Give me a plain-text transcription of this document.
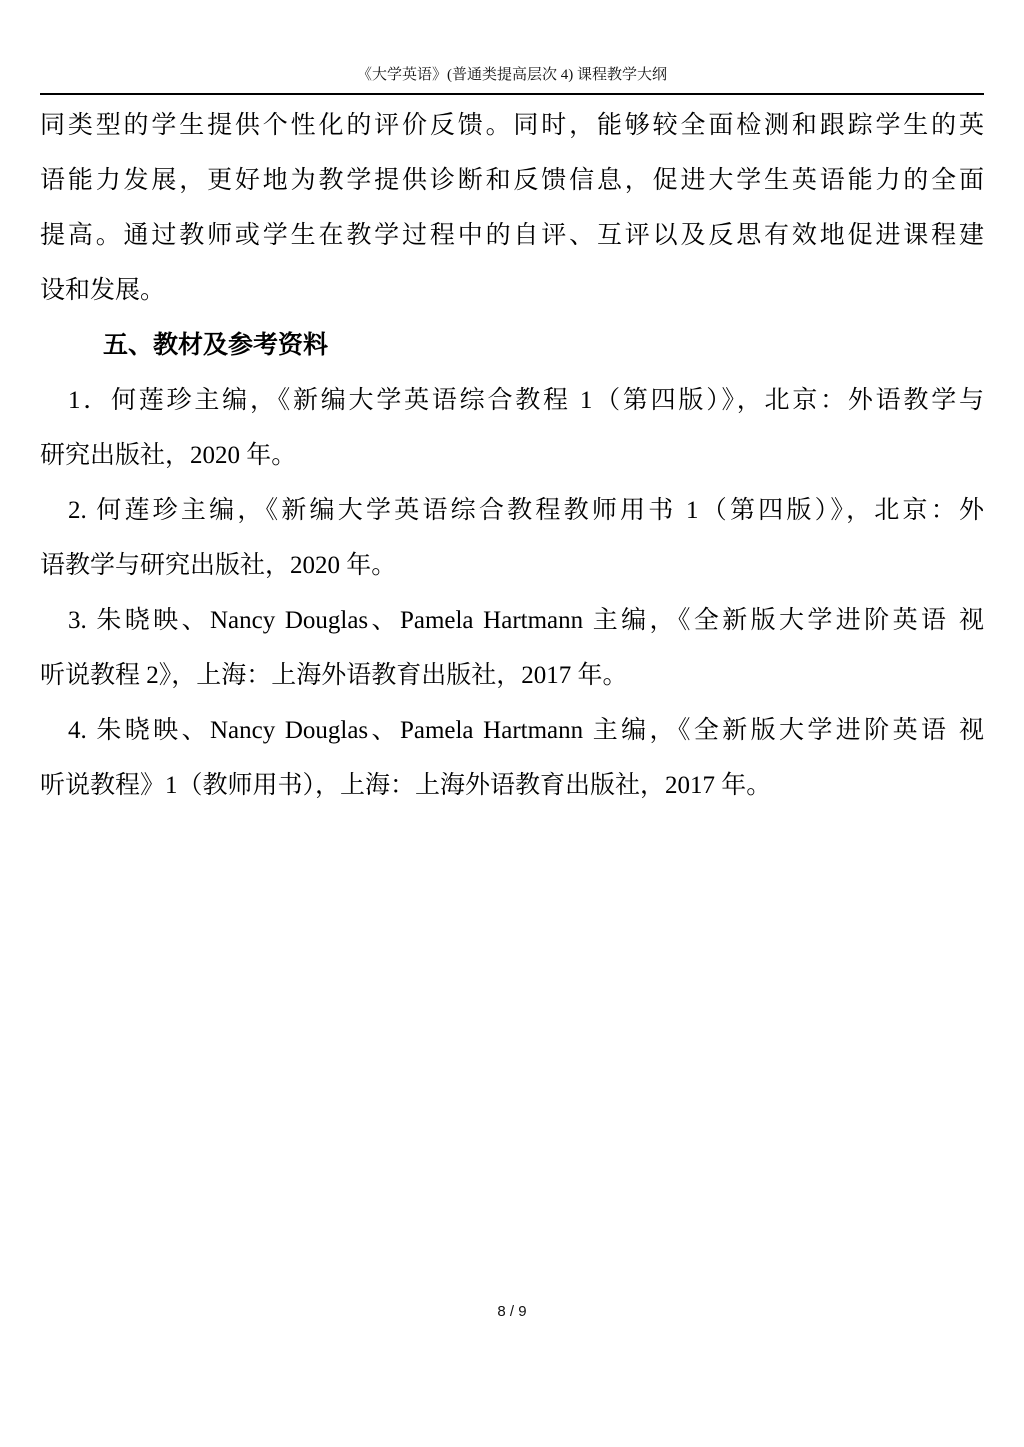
《大学英语》(普通类提高层次 4) 课程教学大纲
同类型的学生提供个性化的评价反馈。同时，能够较全面检测和跟踪学生的英
语能力发展，更好地为教学提供诊断和反馈信息，促进大学生英语能力的全面
提高。通过教师或学生在教学过程中的自评、互评以及反思有效地促进课程建
设和发展。
五、教材及参考资料
1．何莲珍主编，《新编大学英语综合教程 1（第四版）》，北京：外语教学与
研究出版社，2020 年。
2. 何莲珍主编，《新编大学英语综合教程教师用书 1（第四版）》，北京：外
语教学与研究出版社，2020 年。
3. 朱晓映、Nancy Douglas、Pamela Hartmann 主编，《全新版大学进阶英语 视
听说教程 2》，上海：上海外语教育出版社，2017 年。
4. 朱晓映、Nancy Douglas、Pamela Hartmann 主编，《全新版大学进阶英语 视
听说教程》1（教师用书），上海：上海外语教育出版社，2017 年。
8 / 9
